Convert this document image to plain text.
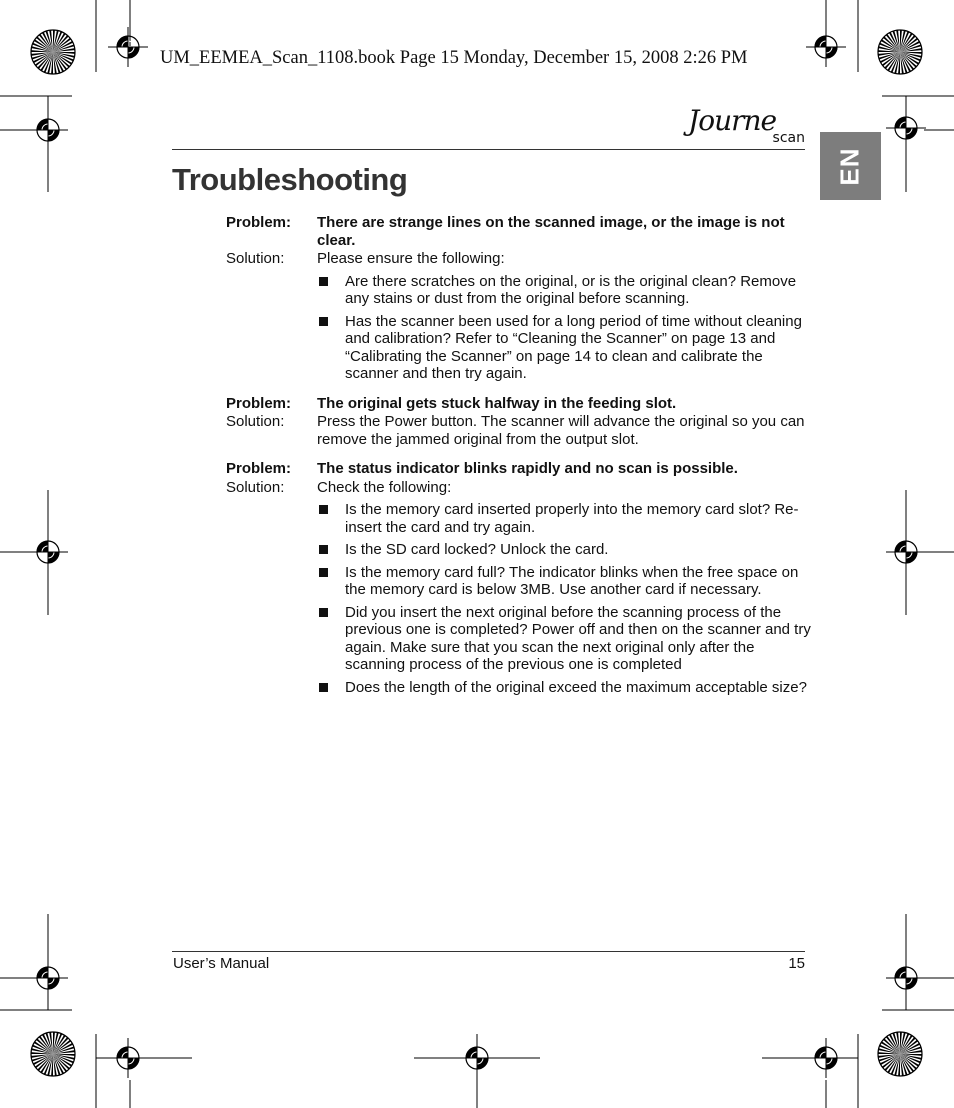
UM_EEMEA_Scan_1108.book Page 15 Monday, December 15, 2008 2:26 PM
Journe
scan
EN
Troubleshooting
Problem:	There are strange lines on the scanned image, or the image is not clear.
Solution:	Please ensure the following:
Are there scratches on the original, or is the original clean? Remove any stains or dust from the original before scanning.
Has the scanner been used for a long period of time without cleaning and calibration? Refer to “Cleaning the Scanner” on page 13 and “Calibrating the Scanner” on page 14 to clean and calibrate the scanner and then try again.
Problem:	The original gets stuck halfway in the feeding slot.
Solution:	Press the Power button. The scanner will advance the original so you can remove the jammed original from the output slot.
Problem:	The status indicator blinks rapidly and no scan is possible.
Solution:	Check the following:
Is the memory card inserted properly into the memory card slot? Re-insert the card and try again.
Is the SD card locked? Unlock the card.
Is the memory card full? The indicator blinks when the free space on the memory card is below 3MB. Use another card if necessary.
Did you insert the next original before the scanning process of the previous one is completed? Power off and then on the scanner and try again. Make sure that you scan the next original only after the scanning process of the previous one is completed
Does the length of the original exceed the maximum acceptable size?
User’s Manual	15
